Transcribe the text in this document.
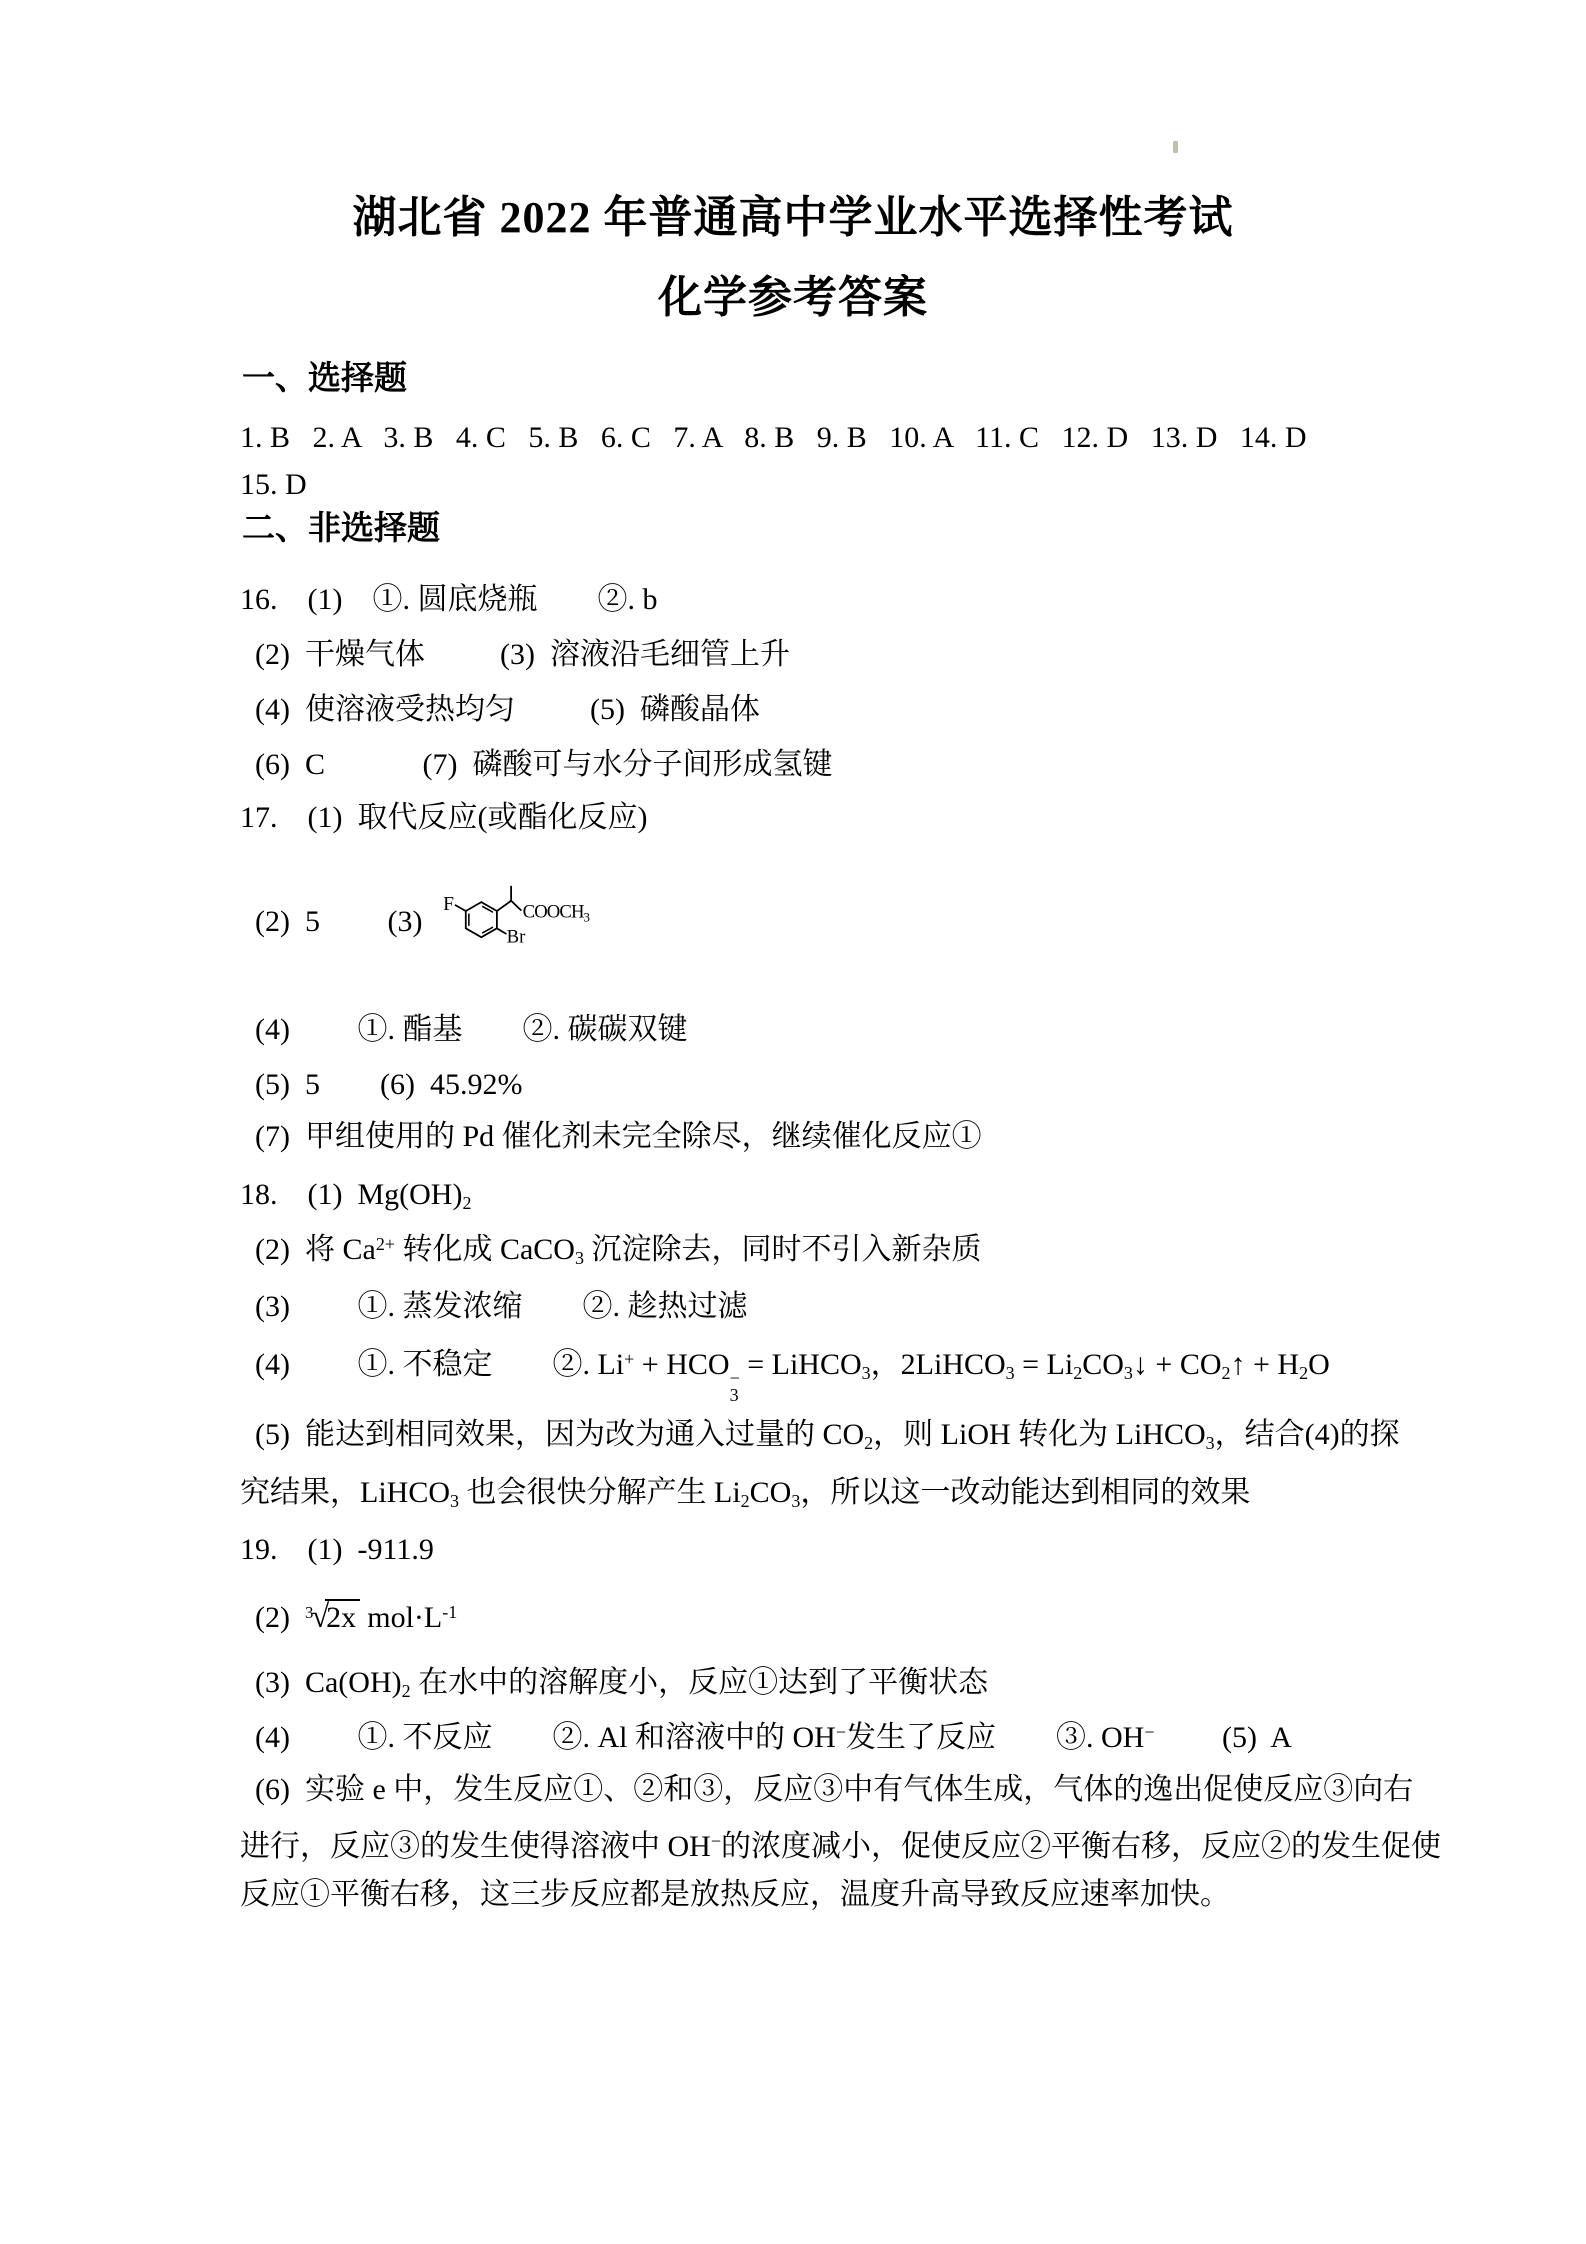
湖北省 2022 年普通高中学业水平选择性考试
化学参考答案
一、选择题
1. B   2. A   3. B   4. C   5. B   6. C   7. A   8. B   9. B   10. A   11. C   12. D   13. D   14. D
15. D
二、非选择题
16.　(1)　①. 圆底烧瓶　　②. b
(2)  干燥气体　　  (3)  溶液沿毛细管上升
(4)  使溶液受热均匀　　  (5)  磷酸晶体
(6)  C　　　 (7)  磷酸可与水分子间形成氢键
17.　(1)  取代反应(或酯化反应)
(2)  5　　 (3)
(4)　　 ①. 酯基　　②. 碳碳双键
(5)  5　　(6)  45.92%
(7)  甲组使用的 Pd 催化剂未完全除尽，继续催化反应①
18.　(1)  $Mg(OH)_2$
(2)  将 $Ca^{2+}$ 转化成 CaCO$_3$ 沉淀除去，同时不引入新杂质
(3)　　 ①. 蒸发浓缩　　②. 趁热过滤
(4)　　 ①. 不稳定　　②. Li+ + HCO −
3
= LiHCO$_3$，2LiHCO$_3$ = $Li_2CO_3↓$ + $CO_2↑ + H_2O$
(5)  能达到相同效果，因为改为通入过量的 $CO_2$，则 LiOH 转化为 LiHCO$_3$，结合(4)的探
究结果，LiHCO$_3$ 也会很快分解产生 $Li_2CO_3$，所以这一改动能达到相同的效果
19.　(1)  -911.9
(2)  $^3$√2x $mol\cdot L^{-1}$
(3)  $Ca(OH)_2$ 在水中的溶解度小，反应①达到了平衡状态
(4)　　 ①. 不反应　　②. Al 和溶液中的 OH−发生了反应　　③. OH−　　 (5)  A
(6)  实验 e 中，发生反应①、②和③，反应③中有气体生成，气体的逸出促使反应③向右
进行，反应③的发生使得溶液中 OH−的浓度减小，促使反应②平衡右移，反应②的发生促使
反应①平衡右移，这三步反应都是放热反应，温度升高导致反应速率加快。
F $COOCH_3$
Br
